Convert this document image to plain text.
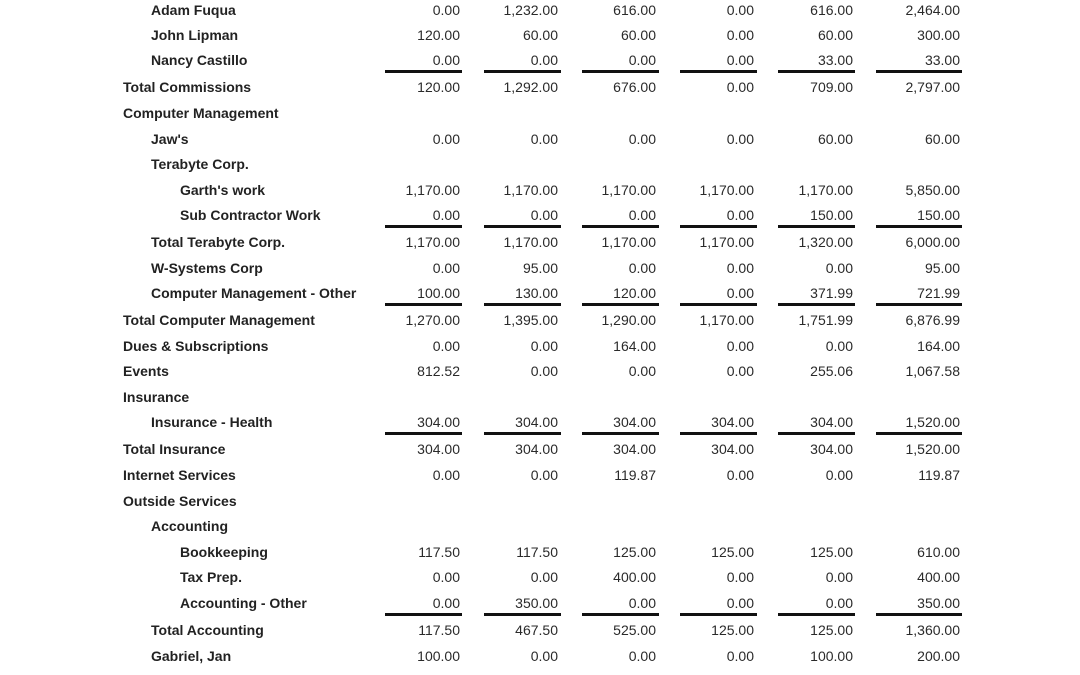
Adam Fuqua	0.00	1,232.00	616.00	0.00	616.00	2,464.00
John Lipman	120.00	60.00	60.00	0.00	60.00	300.00
Nancy Castillo	0.00	0.00	0.00	0.00	33.00	33.00
Total Commissions	120.00	1,292.00	676.00	0.00	709.00	2,797.00
Computer Management
Jaw's	0.00	0.00	0.00	0.00	60.00	60.00
Terabyte Corp.
Garth's work	1,170.00	1,170.00	1,170.00	1,170.00	1,170.00	5,850.00
Sub Contractor Work	0.00	0.00	0.00	0.00	150.00	150.00
Total Terabyte Corp.	1,170.00	1,170.00	1,170.00	1,170.00	1,320.00	6,000.00
W-Systems Corp	0.00	95.00	0.00	0.00	0.00	95.00
Computer Management - Other	100.00	130.00	120.00	0.00	371.99	721.99
Total Computer Management	1,270.00	1,395.00	1,290.00	1,170.00	1,751.99	6,876.99
Dues & Subscriptions	0.00	0.00	164.00	0.00	0.00	164.00
Events	812.52	0.00	0.00	0.00	255.06	1,067.58
Insurance
Insurance - Health	304.00	304.00	304.00	304.00	304.00	1,520.00
Total Insurance	304.00	304.00	304.00	304.00	304.00	1,520.00
Internet Services	0.00	0.00	119.87	0.00	0.00	119.87
Outside Services
Accounting
Bookkeeping	117.50	117.50	125.00	125.00	125.00	610.00
Tax Prep.	0.00	0.00	400.00	0.00	0.00	400.00
Accounting - Other	0.00	350.00	0.00	0.00	0.00	350.00
Total Accounting	117.50	467.50	525.00	125.00	125.00	1,360.00
Gabriel, Jan	100.00	0.00	0.00	0.00	100.00	200.00
